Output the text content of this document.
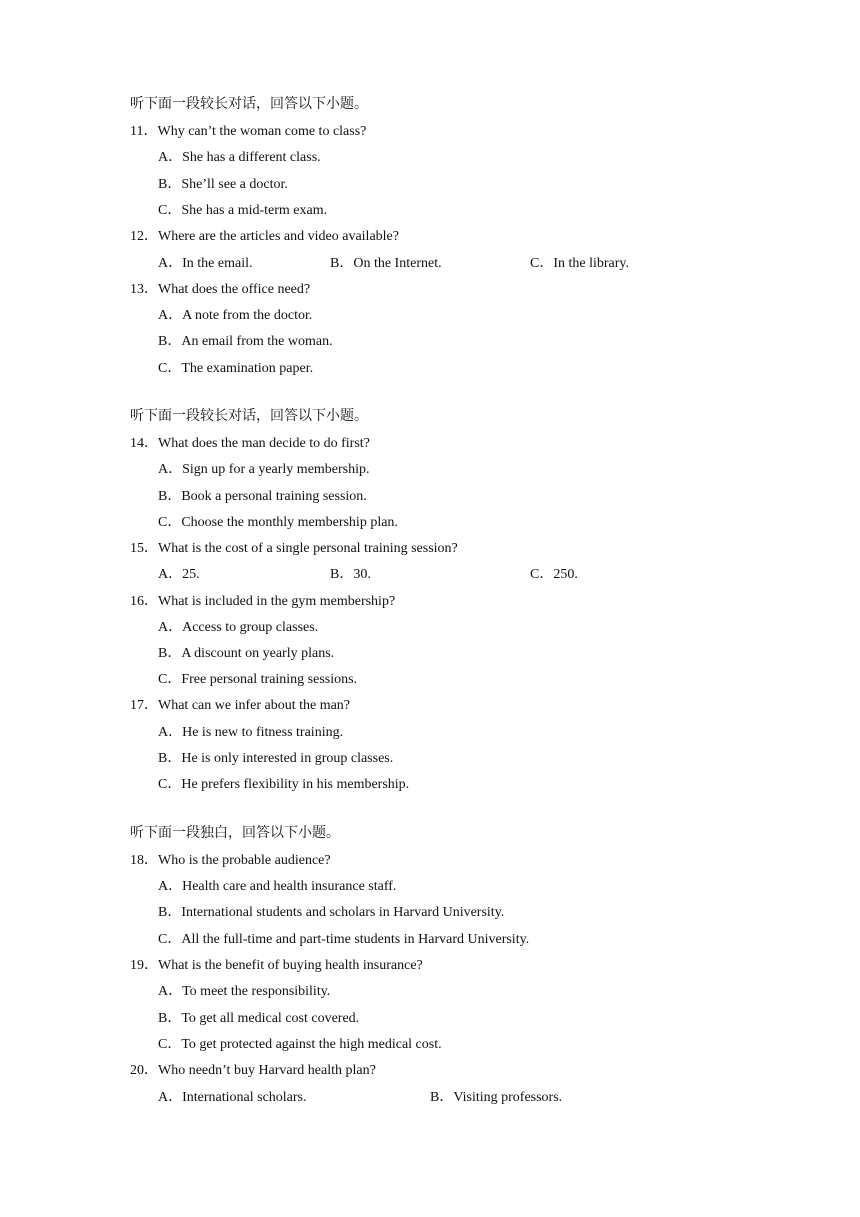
听下面一段较长对话，回答以下小题。
11．Why can’t the woman come to class?
A．She has a different class.
B．She’ll see a doctor.
C．She has a mid-term exam.
12．Where are the articles and video available?
A．In the email.	B．On the Internet.	C．In the library.
13．What does the office need?
A．A note from the doctor.
B．An email from the woman.
C．The examination paper.
听下面一段较长对话，回答以下小题。
14．What does the man decide to do first?
A．Sign up for a yearly membership.
B．Book a personal training session.
C．Choose the monthly membership plan.
15．What is the cost of a single personal training session?
A．25.	B．30.	C．250.
16．What is included in the gym membership?
A．Access to group classes.
B．A discount on yearly plans.
C．Free personal training sessions.
17．What can we infer about the man?
A．He is new to fitness training.
B．He is only interested in group classes.
C．He prefers flexibility in his membership.
听下面一段独白，回答以下小题。
18．Who is the probable audience?
A．Health care and health insurance staff.
B．International students and scholars in Harvard University.
C．All the full-time and part-time students in Harvard University.
19．What is the benefit of buying health insurance?
A．To meet the responsibility.
B．To get all medical cost covered.
C．To get protected against the high medical cost.
20．Who needn’t buy Harvard health plan?
A．International scholars.	B．Visiting professors.
